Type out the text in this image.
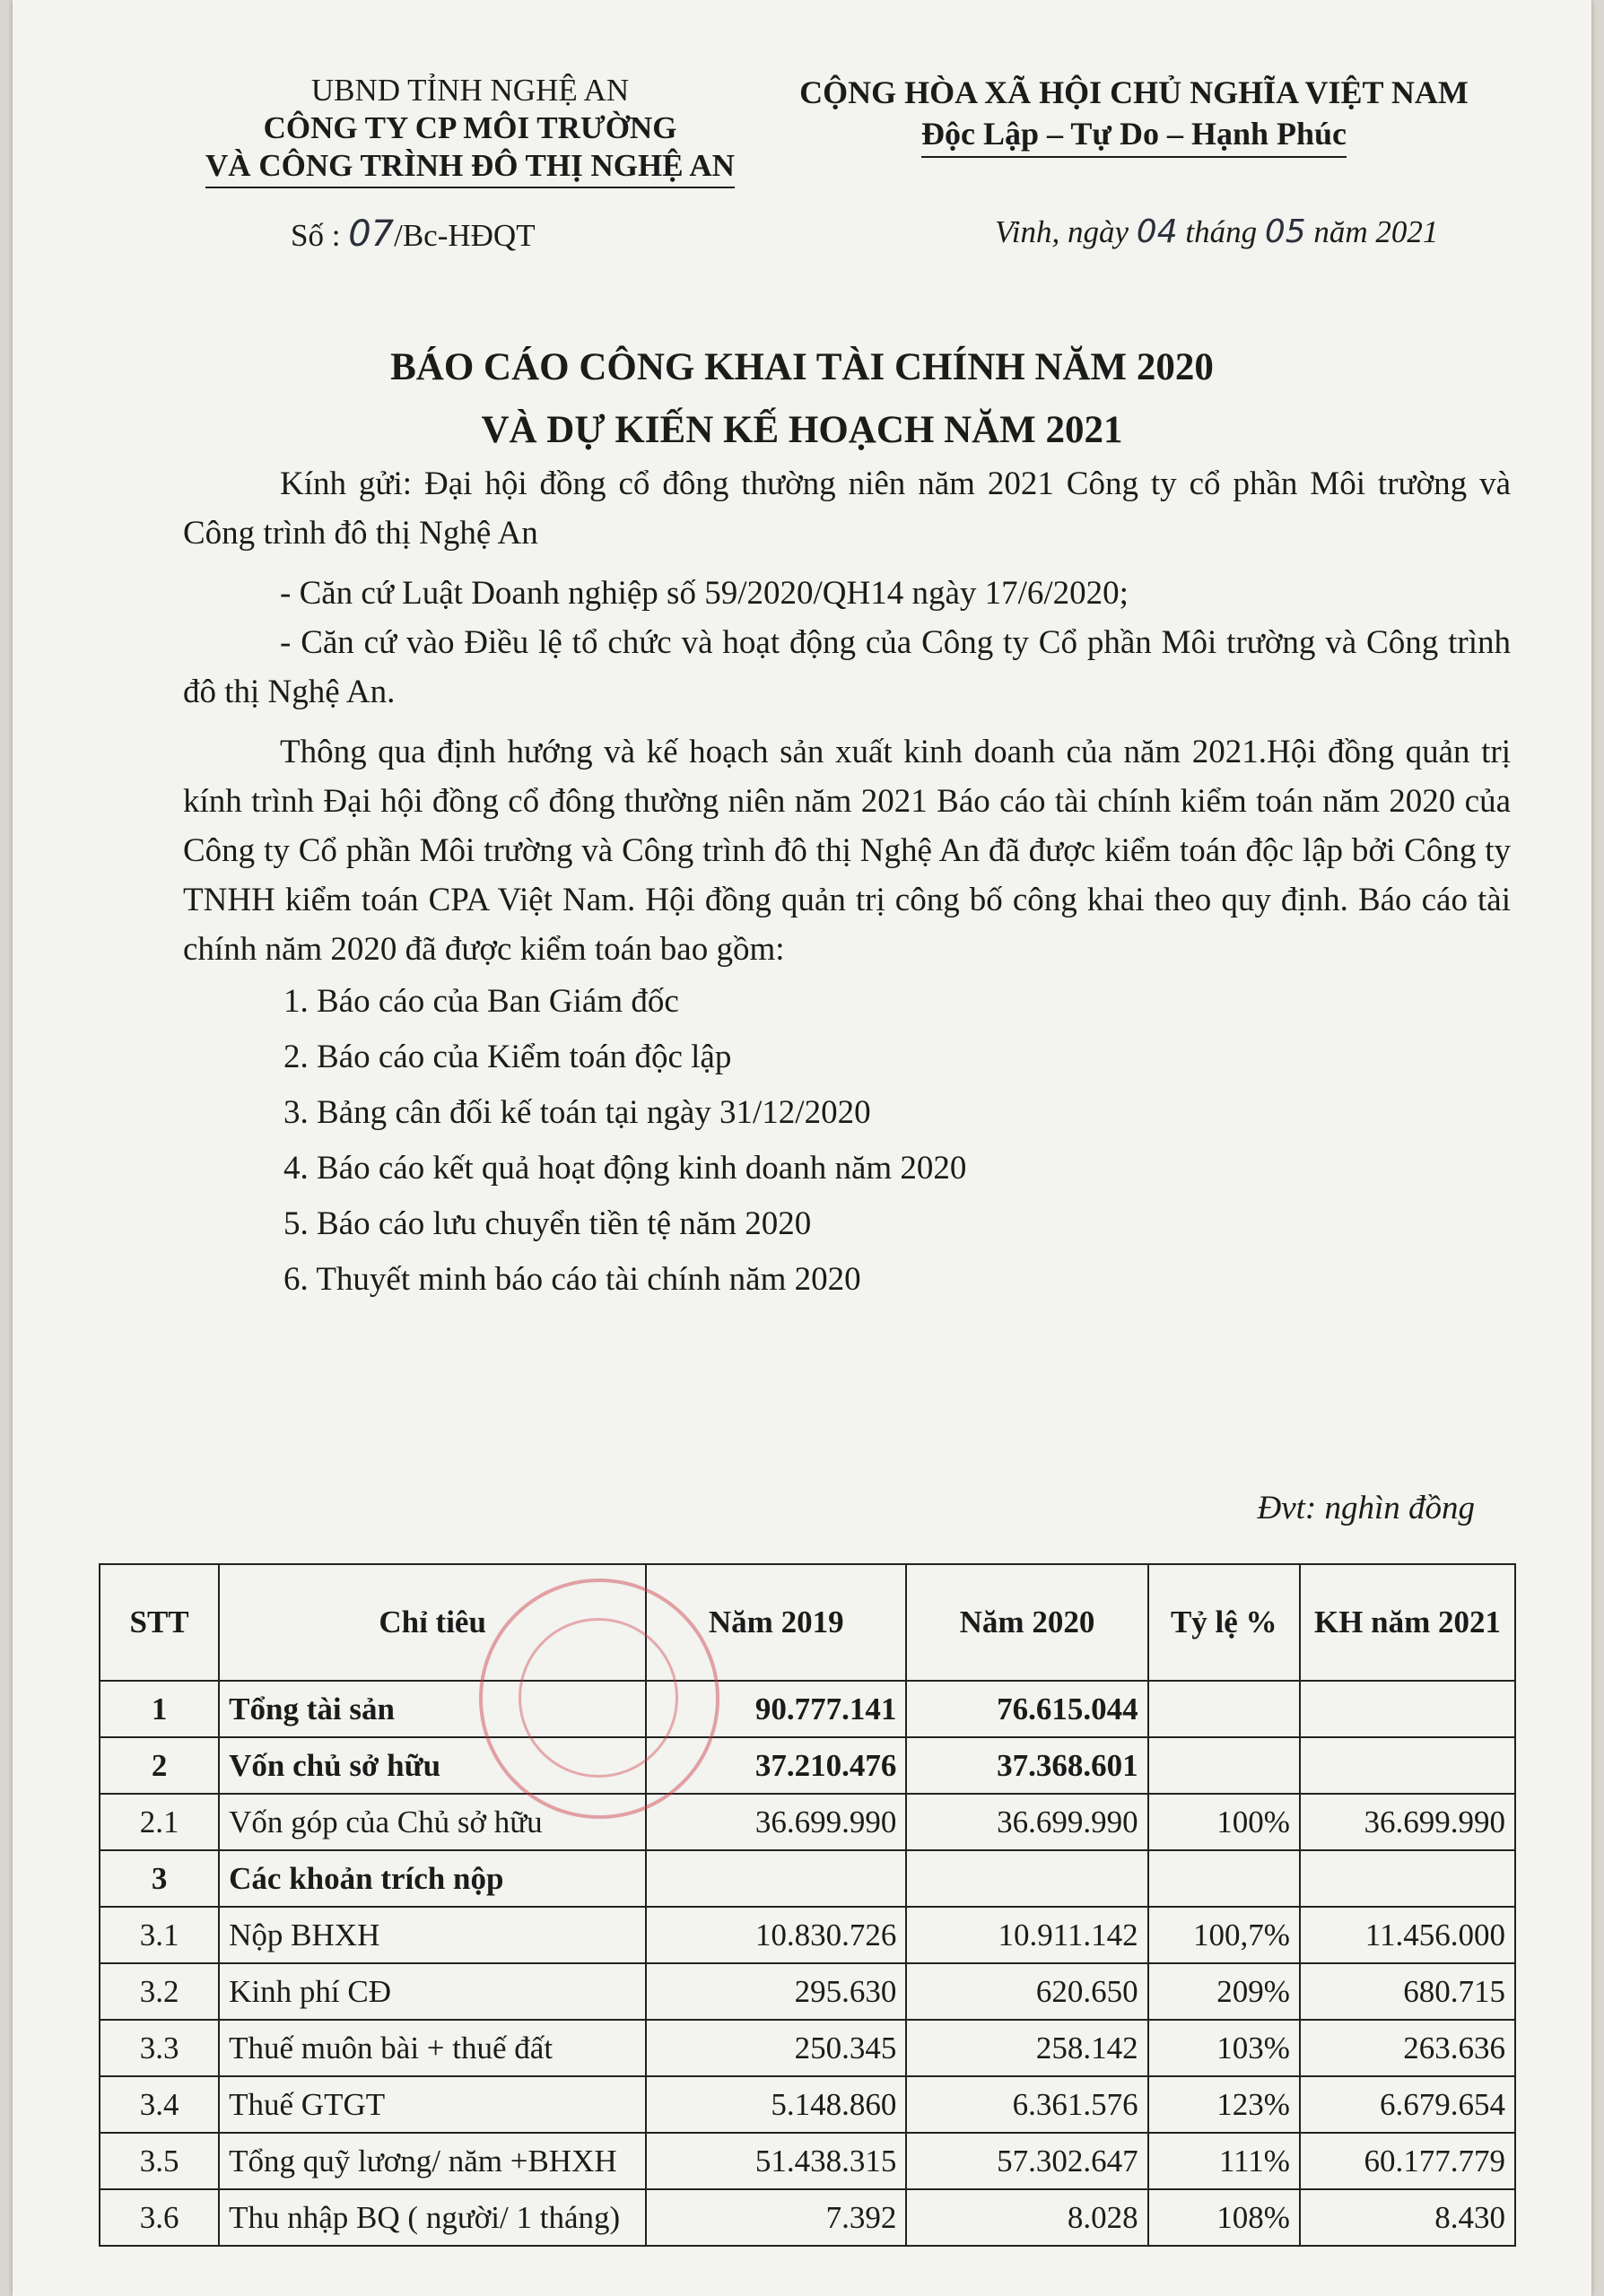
UBND TỈNH NGHỆ AN
CÔNG TY CP MÔI TRƯỜNG
VÀ CÔNG TRÌNH ĐÔ THỊ NGHỆ AN
CỘNG HÒA XÃ HỘI CHỦ NGHĨA VIỆT NAM
Độc Lập – Tự Do – Hạnh Phúc
Số : 07/Bc-HĐQT	Vinh, ngày 04 tháng 05 năm 2021
BÁO CÁO CÔNG KHAI TÀI CHÍNH NĂM 2020
VÀ DỰ KIẾN KẾ HOẠCH NĂM 2021

Kính gửi: Đại hội đồng cổ đông thường niên năm 2021 Công ty cổ phần Môi trường và Công trình đô thị Nghệ An

- Căn cứ Luật Doanh nghiệp số 59/2020/QH14 ngày 17/6/2020;

- Căn cứ vào Điều lệ tổ chức và hoạt động của Công ty Cổ phần Môi trường và Công trình đô thị Nghệ An.

Thông qua định hướng và kế hoạch sản xuất kinh doanh của năm 2021.Hội đồng quản trị kính trình Đại hội đồng cổ đông thường niên năm 2021 Báo cáo tài chính kiểm toán năm 2020 của Công ty Cổ phần Môi trường và Công trình đô thị Nghệ An đã được kiểm toán độc lập bởi Công ty TNHH kiểm toán CPA Việt Nam. Hội đồng quản trị công bố công khai theo quy định. Báo cáo tài chính năm 2020 đã được kiểm toán bao gồm:

1. Báo cáo của Ban Giám đốc

2. Báo cáo của Kiểm toán độc lập

3. Bảng cân đối kế toán tại ngày 31/12/2020

4. Báo cáo kết quả hoạt động kinh doanh năm 2020

5. Báo cáo lưu chuyển tiền tệ năm 2020

6. Thuyết minh báo cáo tài chính năm 2020

Đvt: nghìn đồng
STT	Chỉ tiêu	Năm 2019	Năm 2020	Tỷ lệ %	KH năm 2021
1	Tổng tài sản	90.777.141	76.615.044		
2	Vốn chủ sở hữu	37.210.476	37.368.601		
2.1	Vốn góp của Chủ sở hữu	36.699.990	36.699.990	100%	36.699.990
3	Các khoản trích nộp				
3.1	Nộp BHXH	10.830.726	10.911.142	100,7%	11.456.000
3.2	Kinh phí CĐ	295.630	620.650	209%	680.715
3.3	Thuế muôn bài + thuế đất	250.345	258.142	103%	263.636
3.4	Thuế GTGT	5.148.860	6.361.576	123%	6.679.654
3.5	Tổng quỹ lương/ năm +BHXH	51.438.315	57.302.647	111%	60.177.779
3.6	Thu nhập BQ ( người/ 1 tháng)	7.392	8.028	108%	8.430
